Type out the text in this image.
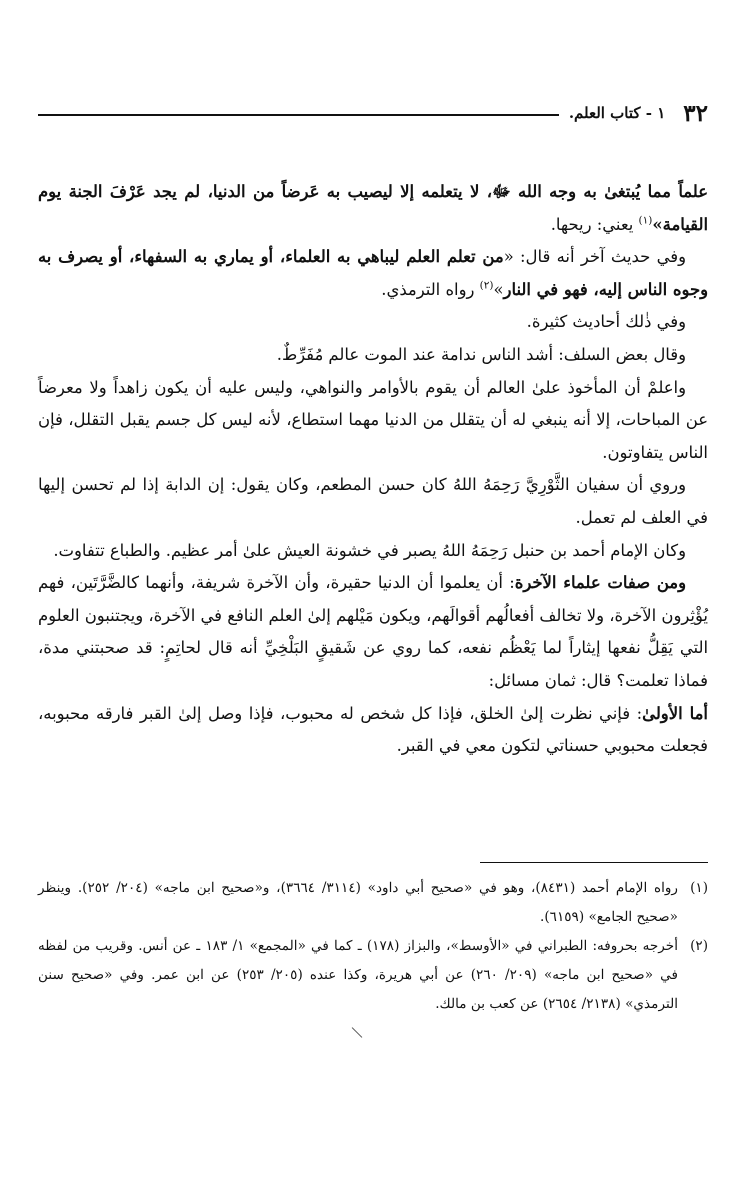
٣٢
١ - كتاب العلم.

علماً مما يُبتغىٰ به وجه الله ﷻ، لا يتعلمه إلا ليصيب به عَرضاً من الدنيا، لم يجد عَرْفَ الجنة يوم القيامة»$^{(١)}$ يعني: ريحها.

وفي حديث آخر أنه قال: «من تعلم العلم ليباهي به العلماء، أو يماري به السفهاء، أو يصرف به وجوه الناس إليه، فهو في النار»$^{(٢)}$ رواه الترمذي.

وفي ذٰلك أحاديث كثيرة.

وقال بعض السلف: أشد الناس ندامة عند الموت عالم مُفَرِّطٌ.

واعلمْ أن المأخوذ علىٰ العالم أن يقوم بالأوامر والنواهي، وليس عليه أن يكون زاهداً ولا معرضاً عن المباحات، إلا أنه ينبغي له أن يتقلل من الدنيا مهما استطاع، لأنه ليس كل جسم يقبل التقلل، فإن الناس يتفاوتون.

وروي أن سفيان الثَّوْرِيَّ رَحِمَهُ اللهُ كان حسن المطعم، وكان يقول: إن الدابة إذا لم تحسن إليها في العلف لم تعمل.

وكان الإمام أحمد بن حنبل رَحِمَهُ اللهُ يصبر في خشونة العيش علىٰ أمر عظيم. والطباع تتفاوت.

ومن صفات علماء الآخرة: أن يعلموا أن الدنيا حقيرة، وأن الآخرة شريفة، وأنهما كالضَّرَّتَين، فهم يُؤْثِرون الآخرة، ولا تخالف أفعالُهم أقوالَهم، ويكون مَيْلهم إلىٰ العلم النافع في الآخرة، ويجتنبون العلوم التي يَقِلُّ نفعها إيثاراً لما يَعْظُم نفعه، كما روي عن شَقيقٍ البَلْخِيِّ أنه قال لحاتِمٍ: قد صحبتني مدة، فماذا تعلمت؟ قال: ثمان مسائل:

أما الأولىٰ: فإني نظرت إلىٰ الخلق، فإذا كل شخص له محبوب، فإذا وصل إلىٰ القبر فارقه محبوبه، فجعلت محبوبي حسناتي لتكون معي في القبر.

(١)
رواه الإمام أحمد (٨٤٣١)، وهو في «صحيح أبي داود» (٣١١٤/ ٣٦٦٤)، و«صحيح ابن ماجه» (٢٠٤/ ٢٥٢). وينظر «صحيح الجامع» (٦١٥٩).

(٢)
أخرجه بحروفه: الطبراني في «الأوسط»، والبزاز (١٧٨) ـ كما في «المجمع» ١/ ١٨٣ ـ عن أنس. وقريب من لفظه في «صحيح ابن ماجه» (٢٠٩/ ٢٦٠) عن أبي هريرة، وكذا عنده (٢٠٥/ ٢٥٣) عن ابن عمر. وفي «صحيح سنن الترمذي» (٢١٣٨/ ٢٦٥٤) عن كعب بن مالك.
